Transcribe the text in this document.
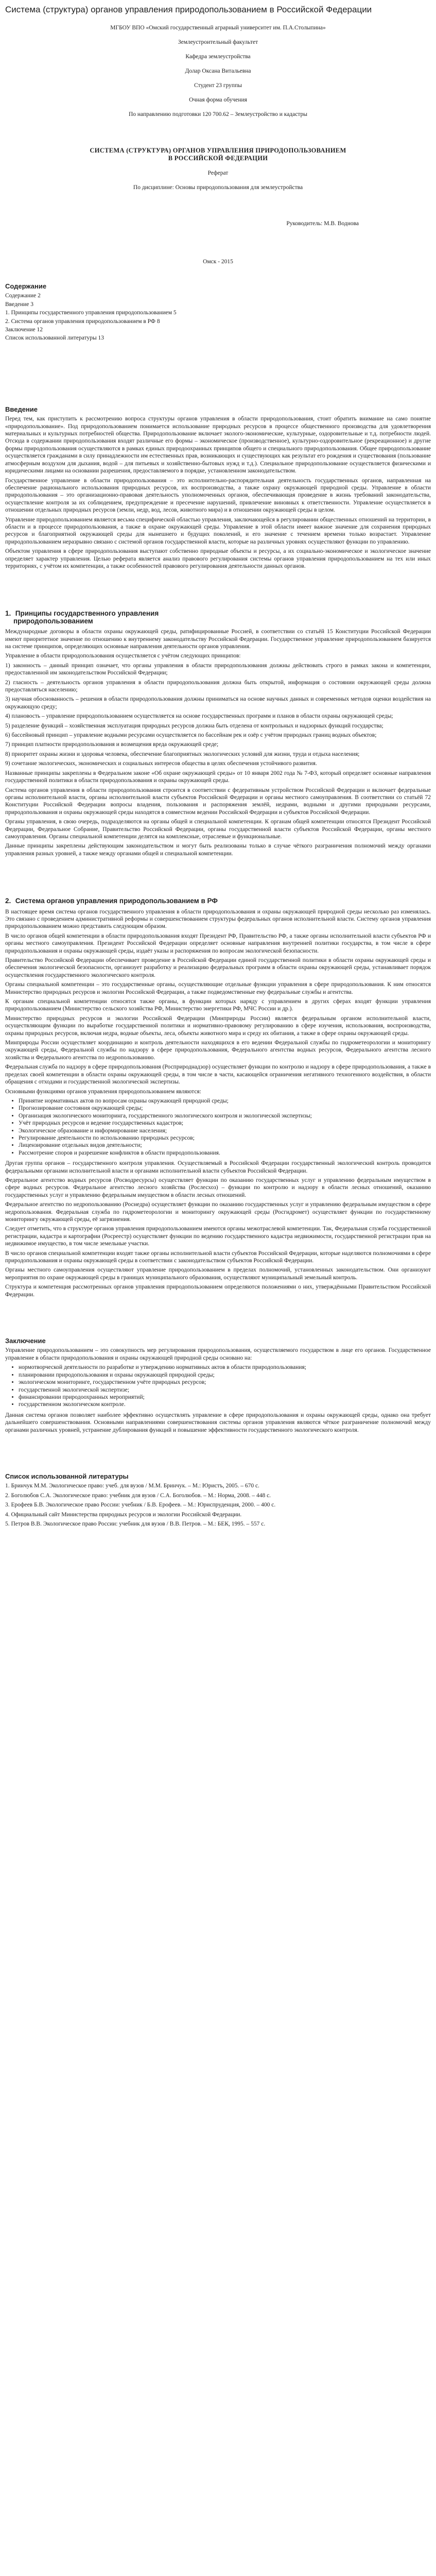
Система (структура) органов управления природопользованием в Российской Федерации

МГБОУ ВПО «Омский государственный аграрный университет им. П.А.Столыпина»

Землеустроительный факультет

Кафедра землеустройства

Долар Оксана Витальевна

Студент 23 группы

Очная форма обучения

По направлению подготовки 120 700.62 – Землеустройство и кадастры

СИСТЕМА (СТРУКТУРА) ОРГАНОВ УПРАВЛЕНИЯ ПРИРОДОПОЛЬЗОВАНИЕМ

В РОССИЙСКОЙ ФЕДЕРАЦИИ

Реферат

По дисциплине: Основы природопользования для землеустройства

Руководитель: М.В. Воднова

Омск - 2015

Содержание

Содержание 2

Введение 3

1. Принципы государственного управления природопользованием 5

2. Система органов управления природопользованием в РФ 8

Заключение 12

Список использованной литературы 13

Введение

Перед тем, как приступить к рассмотрению вопроса структуры органов управления в области природопользования, стоит обратить внимание на само понятие «природопользование». Под природопользованием понимается использование природных ресурсов в процессе общественного производства для удовлетворения материальных и культурных потребностей общества. Природопользование включает эколого-экономические, культурные, оздоровительные и т.д. потребности людей. Отсюда в содержании природопользования входят различные его формы – экономическое (производственное), культурно-оздоровительное (рекреационное) и другие формы природопользования осуществляются в рамках единых природоохранных принципов общего и специального природопользования. Общее природопользование осуществляется гражданами в силу принадлежности им естественных прав, возникающих и существующих как результат его рождения и существования (пользование атмосферным воздухом для дыхания, водой – для питьевых и хозяйственно-бытовых нужд и т.д.). Специальное природопользование осуществляется физическими и юридическими лицами на основании разрешения, предоставляемого в порядке, установленном законодательством.

Государственное управление в области природопользования – это исполнительно-распорядительная деятельность государственных органов, направленная на обеспечение рационального использования природных ресурсов, их воспроизводства, а также охрану окружающей природной среды. Управление в области природопользования – это организационно-правовая деятельность уполномоченных органов, обеспечивающая проведение в жизнь требований законодательства, осуществление контроля за их соблюдением, предупреждение и пресечение нарушений, привлечение виновных к ответственности. Управление осуществляется в отношении отдельных природных ресурсов (земли, недр, вод, лесов, животного мира) и в отношении окружающей среды в целом.

Управление природопользованием является весьма специфической областью управления, заключающейся в регулировании общественных отношений на территории, в области и в процессе природопользования, а также в охране окружающей среды. Управление в этой области имеет важное значение для сохранения природных ресурсов и благоприятной окружающей среды для нынешнего и будущих поколений, и его значение с течением времени только возрастает. Управление природопользованием неразрывно связано с системой органов государственной власти, которые на различных уровнях осуществляют функции по управлению.

Объектом управления в сфере природопользования выступают собственно природные объекты и ресурсы, а их социально-экономическое и экологическое значение определяет характер управления. Целью реферата является анализ правового регулирования системы органов управления природопользованием на тех или иных территориях, с учётом их компетенции, а также особенностей правового регулирования деятельности данных органов.

1. Принципы государственного управления
природопользованием

Международные договоры в области охраны окружающей среды, ратифицированные Россией, в соответствии со статьёй 15 Конституции Российской Федерации имеют приоритетное значение по отношению к внутреннему законодательству Российской Федерации. Государственное управление природопользованием базируется на системе принципов, определяющих основные направления деятельности органов управления.

Управление в области природопользования осуществляется с учётом следующих принципов:

1) законность – данный принцип означает, что органы управления в области природопользования должны действовать строго в рамках закона и компетенции, предоставленной им законодательством Российской Федерации;

2) гласность – деятельность органов управления в области природопользования должна быть открытой, информация о состоянии окружающей среды должна предоставляться населению;

3) научная обоснованность – решения в области природопользования должны приниматься на основе научных данных и современных методов оценки воздействия на окружающую среду;

4) плановость – управление природопользованием осуществляется на основе государственных программ и планов в области охраны окружающей среды;

5) разделение функций – хозяйственная эксплуатация природных ресурсов должна быть отделена от контрольных и надзорных функций государства;

6) бассейновый принцип – управление водными ресурсами осуществляется по бассейнам рек и озёр с учётом природных границ водных объектов;

7) принцип платности природопользования и возмещения вреда окружающей среде;

8) приоритет охраны жизни и здоровья человека, обеспечение благоприятных экологических условий для жизни, труда и отдыха населения;

9) сочетание экологических, экономических и социальных интересов общества в целях обеспечения устойчивого развития.

Названные принципы закреплены в Федеральном законе «Об охране окружающей среды» от 10 января 2002 года № 7-ФЗ, который определяет основные направления государственной политики в области природопользования и охраны окружающей среды.

Система органов управления в области природопользования строится в соответствии с федеративным устройством Российской Федерации и включает федеральные органы исполнительной власти, органы исполнительной власти субъектов Российской Федерации и органы местного самоуправления. В соответствии со статьёй 72 Конституции Российской Федерации вопросы владения, пользования и распоряжения землёй, недрами, водными и другими природными ресурсами, природопользования и охраны окружающей среды находятся в совместном ведении Российской Федерации и субъектов Российской Федерации.

Органы управления, в свою очередь, подразделяются на органы общей и специальной компетенции. К органам общей компетенции относятся Президент Российской Федерации, Федеральное Собрание, Правительство Российской Федерации, органы государственной власти субъектов Российской Федерации, органы местного самоуправления. Органы специальной компетенции делятся на комплексные, отраслевые и функциональные.

Данные принципы закреплены действующим законодательством и могут быть реализованы только в случае чёткого разграничения полномочий между органами управления разных уровней, а также между органами общей и специальной компетенции.

2. Система органов управления природопользованием в РФ

В настоящее время система органов государственного управления в области природопользования и охраны окружающей природной среды несколько раз изменялась. Это связано с проведением административной реформы и совершенствованием структуры федеральных органов исполнительной власти. Систему органов управления природопользованием можно представить следующим образом.

В число органов общей компетенции в области природопользования входят Президент РФ, Правительство РФ, а также органы исполнительной власти субъектов РФ и органы местного самоуправления. Президент Российской Федерации определяет основные направления внутренней политики государства, в том числе в сфере природопользования и охраны окружающей среды, издаёт указы и распоряжения по вопросам экологической безопасности.

Правительство Российской Федерации обеспечивает проведение в Российской Федерации единой государственной политики в области охраны окружающей среды и обеспечения экологической безопасности, организует разработку и реализацию федеральных программ в области охраны окружающей среды, устанавливает порядок осуществления государственного экологического контроля.

Органы специальной компетенции – это государственные органы, осуществляющие отдельные функции управления в сфере природопользования. К ним относятся Министерство природных ресурсов и экологии Российской Федерации, а также подведомственные ему федеральные службы и агентства.

К органам специальной компетенции относятся также органы, в функции которых наряду с управлением в других сферах входят функции управления природопользованием (Министерство сельского хозяйства РФ, Министерство энергетики РФ, МЧС России и др.).

Министерство природных ресурсов и экологии Российской Федерации (Минприроды России) является федеральным органом исполнительной власти, осуществляющим функции по выработке государственной политики и нормативно-правовому регулированию в сфере изучения, использования, воспроизводства, охраны природных ресурсов, включая недра, водные объекты, леса, объекты животного мира и среду их обитания, а также в сфере охраны окружающей среды.

Минприроды России осуществляет координацию и контроль деятельности находящихся в его ведении Федеральной службы по гидрометеорологии и мониторингу окружающей среды, Федеральной службы по надзору в сфере природопользования, Федерального агентства водных ресурсов, Федерального агентства лесного хозяйства и Федерального агентства по недропользованию.

Федеральная служба по надзору в сфере природопользования (Росприроднадзор) осуществляет функции по контролю и надзору в сфере природопользования, а также в пределах своей компетенции в области охраны окружающей среды, в том числе в части, касающейся ограничения негативного техногенного воздействия, в области обращения с отходами и государственной экологической экспертизы.

Основными функциями органов управления природопользованием являются:

• Принятие нормативных актов по вопросам охраны окружающей природной среды;
• Прогнозирование состояния окружающей среды;
• Организация экологического мониторинга, государственного экологического контроля и экологической экспертизы;
• Учёт природных ресурсов и ведение государственных кадастров;
• Экологическое образование и информирование населения;
• Регулирование деятельности по использованию природных ресурсов;
• Лицензирование отдельных видов деятельности;
• Рассмотрение споров и разрешение конфликтов в области природопользования.

Другая группа органов – государственного контроля управления. Осуществляемый в Российской Федерации государственный экологический контроль проводится федеральными органами исполнительной власти и органами исполнительной власти субъектов Российской Федерации.

Федеральное агентство водных ресурсов (Росводресурсы) осуществляет функции по оказанию государственных услуг и управлению федеральным имуществом в сфере водных ресурсов. Федеральное агентство лесного хозяйства (Рослесхоз) – функции по контролю и надзору в области лесных отношений, оказанию государственных услуг и управлению федеральным имуществом в области лесных отношений.

Федеральное агентство по недропользованию (Роснедра) осуществляет функции по оказанию государственных услуг и управлению федеральным имуществом в сфере недропользования. Федеральная служба по гидрометеорологии и мониторингу окружающей среды (Росгидромет) осуществляет функции по государственному мониторингу окружающей среды, её загрязнения.

Следует отметить, что в структуре органов управления природопользованием имеются органы межотраслевой компетенции. Так, Федеральная служба государственной регистрации, кадастра и картографии (Росреестр) осуществляет функции по ведению государственного кадастра недвижимости, государственной регистрации прав на недвижимое имущество, в том числе земельные участки.

В число органов специальной компетенции входят также органы исполнительной власти субъектов Российской Федерации, которые наделяются полномочиями в сфере природопользования и охраны окружающей среды в соответствии с законодательством субъектов Российской Федерации.

Органы местного самоуправления осуществляют управление природопользованием в пределах полномочий, установленных законодательством. Они организуют мероприятия по охране окружающей среды в границах муниципального образования, осуществляют муниципальный земельный контроль.

Структура и компетенция рассмотренных органов управления природопользованием определяются положениями о них, утверждёнными Правительством Российской Федерации.

Заключение

Управление природопользованием – это совокупность мер регулирования природопользования, осуществляемого государством в лице его органов. Государственное управление в области природопользования и охраны окружающей природной среды основано на:

• нормотворческой деятельности по разработке и утверждению нормативных актов в области природопользования;
• планировании природопользования и охраны окружающей природной среды;
• экологическом мониторинге, государственном учёте природных ресурсов;
• государственной экологической экспертизе;
• финансировании природоохранных мероприятий;
• государственном экологическом контроле.

Данная система органов позволяет наиболее эффективно осуществлять управление в сфере природопользования и охраны окружающей среды, однако она требует дальнейшего совершенствования. Основными направлениями совершенствования системы органов управления являются чёткое разграничение полномочий между органами различных уровней, устранение дублирования функций и повышение эффективности государственного экологического контроля.

Список использованной литературы

1. Бринчук М.М. Экологическое право: учеб. для вузов / М.М. Бринчук. – М.: Юристъ, 2005. – 670 с.

2. Боголюбов С.А. Экологическое право: учебник для вузов / С.А. Боголюбов. – М.: Норма, 2008. – 448 с.

3. Ерофеев Б.В. Экологическое право России: учебник / Б.В. Ерофеев. – М.: Юриспруденция, 2000. – 400 с.

4. Официальный сайт Министерства природных ресурсов и экологии Российской Федерации.

5. Петров В.В. Экологическое право России: учебник для вузов / В.В. Петров. – М.: БЕК, 1995. – 557 с.
